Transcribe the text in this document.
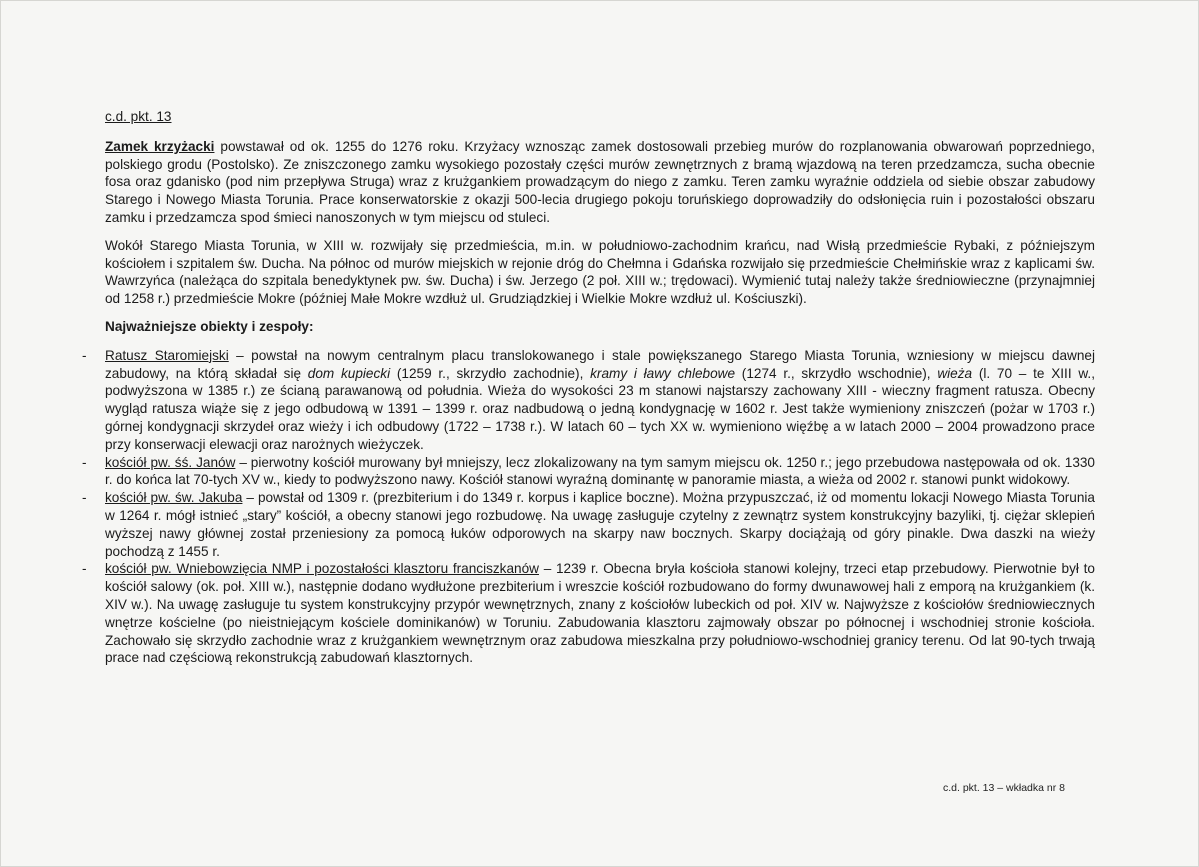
c.d. pkt. 13

Zamek krzyżacki powstawał od ok. 1255 do 1276 roku. Krzyżacy wznosząc zamek dostosowali przebieg murów do rozplanowania obwarowań poprzedniego, polskiego grodu (Postolsko). Ze zniszczonego zamku wysokiego pozostały części murów zewnętrznych z bramą wjazdową na teren przedzamcza, sucha obecnie fosa oraz gdanisko (pod nim przepływa Struga) wraz z krużgankiem prowadzącym do niego z zamku. Teren zamku wyraźnie oddziela od siebie obszar zabudowy Starego i Nowego Miasta Torunia. Prace konserwatorskie z okazji 500-lecia drugiego pokoju toruńskiego doprowadziły do odsłonięcia ruin i pozostałości obszaru zamku i przedzamcza spod śmieci nanoszonych w tym miejscu od stuleci.

Wokół Starego Miasta Torunia, w XIII w. rozwijały się przedmieścia, m.in. w południowo-zachodnim krańcu, nad Wisłą przedmieście Rybaki, z późniejszym kościołem i szpitalem św. Ducha. Na północ od murów miejskich w rejonie dróg do Chełmna i Gdańska rozwijało się przedmieście Chełmińskie wraz z kaplicami św. Wawrzyńca (należąca do szpitala benedyktynek pw. św. Ducha) i św. Jerzego (2 poł. XIII w.; trędowaci). Wymienić tutaj należy także średniowieczne (przynajmniej od 1258 r.) przedmieście Mokre (później Małe Mokre wzdłuż ul. Grudziądzkiej i Wielkie Mokre wzdłuż ul. Kościuszki).

Najważniejsze obiekty i zespoły:
- Ratusz Staromiejski – powstał na nowym centralnym placu translokowanego i stale powiększanego Starego Miasta Torunia, wzniesiony w miejscu dawnej zabudowy, na którą składał się dom kupiecki (1259 r., skrzydło zachodnie), kramy i ławy chlebowe (1274 r., skrzydło wschodnie), wieża (l. 70 – te XIII w., podwyższona w 1385 r.) ze ścianą parawanową od południa. Wieża do wysokości 23 m stanowi najstarszy zachowany XIII - wieczny fragment ratusza. Obecny wygląd ratusza wiąże się z jego odbudową w 1391 – 1399 r. oraz nadbudową o jedną kondygnację w 1602 r. Jest także wymieniony zniszczeń (pożar w 1703 r.) górnej kondygnacji skrzydeł oraz wieży i ich odbudowy (1722 – 1738 r.). W latach 60 – tych XX w. wymieniono więźbę a w latach 2000 – 2004 prowadzono prace przy konserwacji elewacji oraz narożnych wieżyczek.
- kościół pw. śś. Janów – pierwotny kościół murowany był mniejszy, lecz zlokalizowany na tym samym miejscu ok. 1250 r.; jego przebudowa następowała od ok. 1330 r. do końca lat 70-tych XV w., kiedy to podwyższono nawy. Kościół stanowi wyraźną dominantę w panoramie miasta, a wieża od 2002 r. stanowi punkt widokowy.
- kościół pw. św. Jakuba – powstał od 1309 r. (prezbiterium i do 1349 r. korpus i kaplice boczne). Można przypuszczać, iż od momentu lokacji Nowego Miasta Torunia w 1264 r. mógł istnieć „stary” kościół, a obecny stanowi jego rozbudowę. Na uwagę zasługuje czytelny z zewnątrz system konstrukcyjny bazyliki, tj. ciężar sklepień wyższej nawy głównej został przeniesiony za pomocą łuków odporowych na skarpy naw bocznych. Skarpy dociążają od góry pinakle. Dwa daszki na wieży pochodzą z 1455 r.
- kościół pw. Wniebowzięcia NMP i pozostałości klasztoru franciszkanów – 1239 r. Obecna bryła kościoła stanowi kolejny, trzeci etap przebudowy. Pierwotnie był to kościół salowy (ok. poł. XIII w.), następnie dodano wydłużone prezbiterium i wreszcie kościół rozbudowano do formy dwunawowej hali z emporą na krużgankiem (k. XIV w.). Na uwagę zasługuje tu system konstrukcyjny przypór wewnętrznych, znany z kościołów lubeckich od poł. XIV w. Najwyższe z kościołów średniowiecznych wnętrze kościelne (po nieistniejącym kościele dominikanów) w Toruniu. Zabudowania klasztoru zajmowały obszar po północnej i wschodniej stronie kościoła. Zachowało się skrzydło zachodnie wraz z krużgankiem wewnętrznym oraz zabudowa mieszkalna przy południowo-wschodniej granicy terenu. Od lat 90-tych trwają prace nad częściową rekonstrukcją zabudowań klasztornych.
c.d. pkt. 13 – wkładka nr 8
